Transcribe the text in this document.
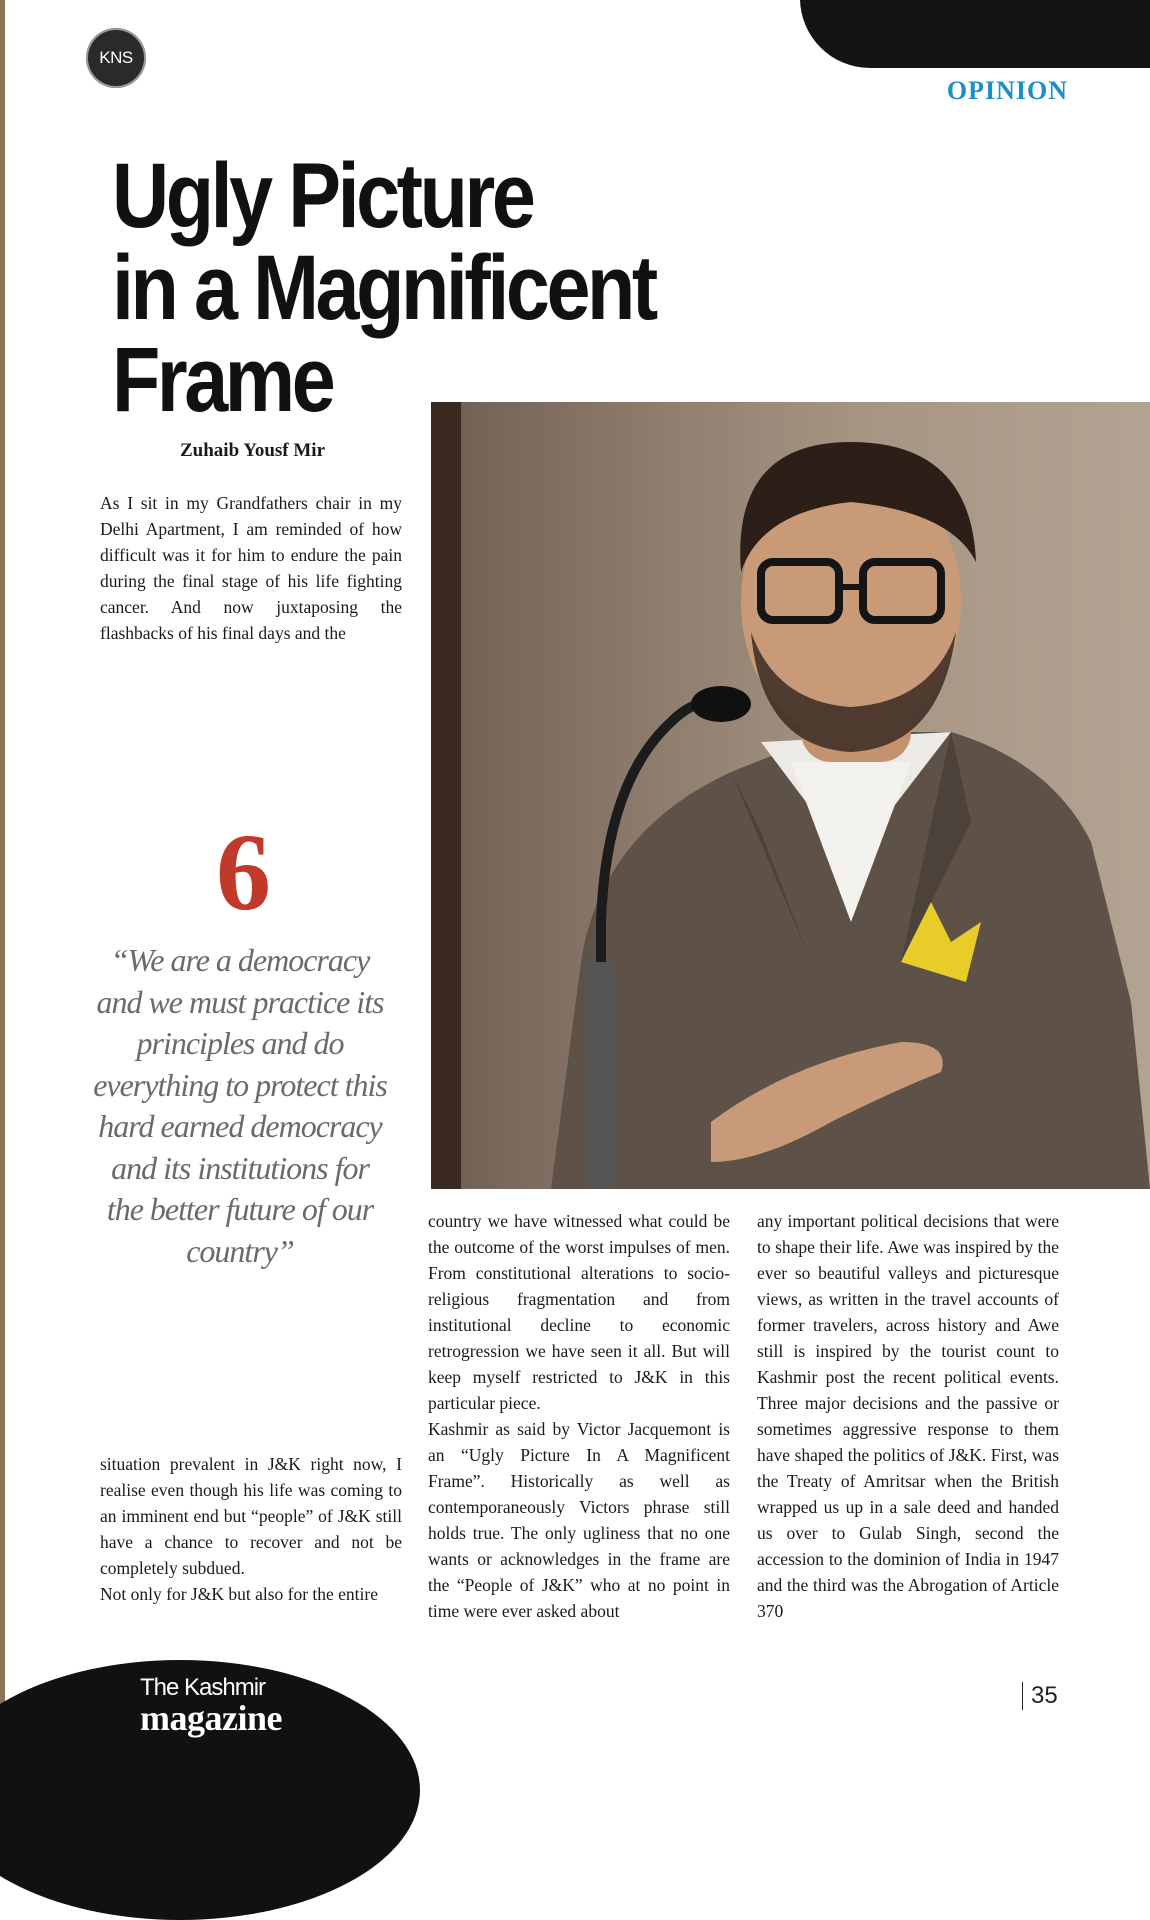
KNS
OPINION
Ugly Picture
in a Magnificent Frame
Zuhaib Yousf Mir

As I sit in my Grandfathers chair in my Delhi Apartment, I am reminded of how difficult was it for him to endure the pain during the final stage of his life fighting cancer. And now juxtaposing the flashbacks of his final days and the

6

“We are a democracy and we must practice its principles and do everything to protect this hard earned democracy and its institutions for the better future of our country”

situation prevalent in J&K right now, I realise even though his life was coming to an imminent end but “people” of J&K still have a chance to recover and not be completely subdued.

Not only for J&K but also for the entire

country we have witnessed what could be the outcome of the worst impulses of men. From constitutional alterations to socio-religious fragmentation and from institutional decline to economic retrogression we have seen it all. But will keep myself restricted to J&K in this particular piece.

Kashmir as said by Victor Jacquemont is an “Ugly Picture In A Magnificent Frame”. Historically as well as contemporaneously Victors phrase still holds true. The only ugliness that no one wants or acknowledges in the frame are the “People of J&K” who at no point in time were ever asked about

any important political decisions that were to shape their life. Awe was inspired by the ever so beautiful valleys and picturesque views, as written in the travel accounts of former travelers, across history and Awe still is inspired by the tourist count to Kashmir post the recent political events. Three major decisions and the passive or sometimes aggressive response to them have shaped the politics of J&K. First, was the Treaty of Amritsar when the British wrapped us up in a sale deed and handed us over to Gulab Singh, second the accession to the dominion of India in 1947 and the third was the Abrogation of Article 370

The Kashmir
magazine
35
